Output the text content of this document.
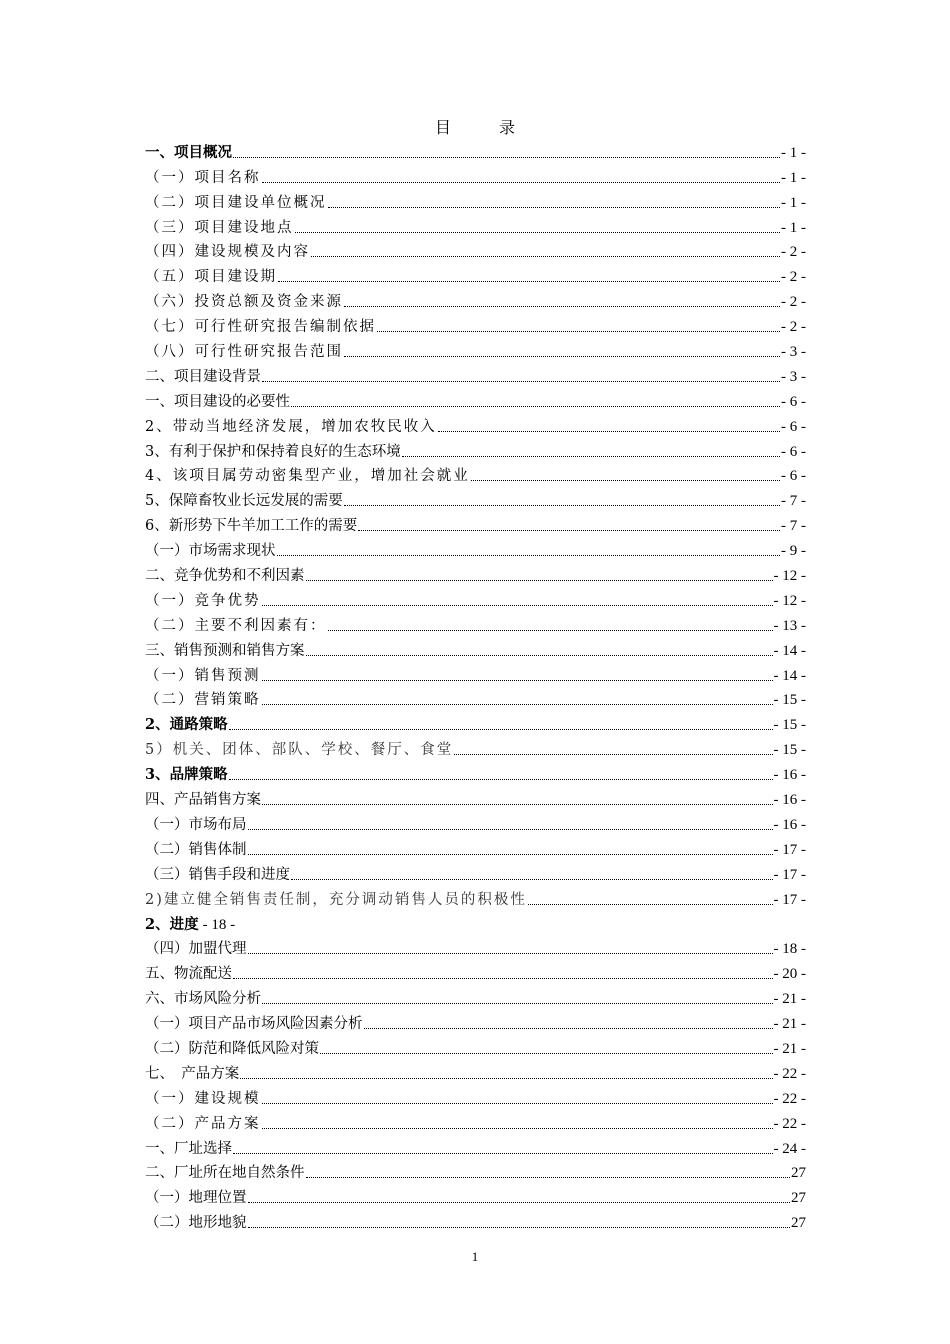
目　录
一、项目概况	- 1 -
（一）项目名称	- 1 -
（二）项目建设单位概况	- 1 -
（三）项目建设地点	- 1 -
（四）建设规模及内容	- 2 -
（五）项目建设期	- 2 -
（六）投资总额及资金来源	- 2 -
（七）可行性研究报告编制依据	- 2 -
（八）可行性研究报告范围	- 3 -
二、项目建设背景	- 3 -
一、项目建设的必要性	- 6 -
2、带动当地经济发展，增加农牧民收入	- 6 -
3、有利于保护和保持着良好的生态环境	- 6 -
4、该项目属劳动密集型产业，增加社会就业	- 6 -
5、保障畜牧业长远发展的需要	- 7 -
6、新形势下牛羊加工工作的需要	- 7 -
（一）市场需求现状	- 9 -
二、竞争优势和不利因素	- 12 -
（一）竞争优势	- 12 -
（二）主要不利因素有：	- 13 -
三、销售预测和销售方案	- 14 -
（一）销售预测	- 14 -
（二）营销策略	- 15 -
2、通路策略	- 15 -
5）机关、团体、部队、学校、餐厅、食堂	- 15 -
3、品牌策略	- 16 -
四、产品销售方案	- 16 -
（一）市场布局	- 16 -
（二）销售体制	- 17 -
（三）销售手段和进度	- 17 -
2)建立健全销售责任制，充分调动销售人员的积极性	- 17 -
2、进度 - 18 -
（四）加盟代理	- 18 -
五、物流配送	- 20 -
六、市场风险分析	- 21 -
（一）项目产品市场风险因素分析	- 21 -
（二）防范和降低风险对策	- 21 -
七、　产品方案	- 22 -
（一）建设规模	- 22 -
（二）产品方案	- 22 -
一、厂址选择	- 24 -
二、厂址所在地自然条件	27
（一）地理位置	27
（二）地形地貌	27
1
